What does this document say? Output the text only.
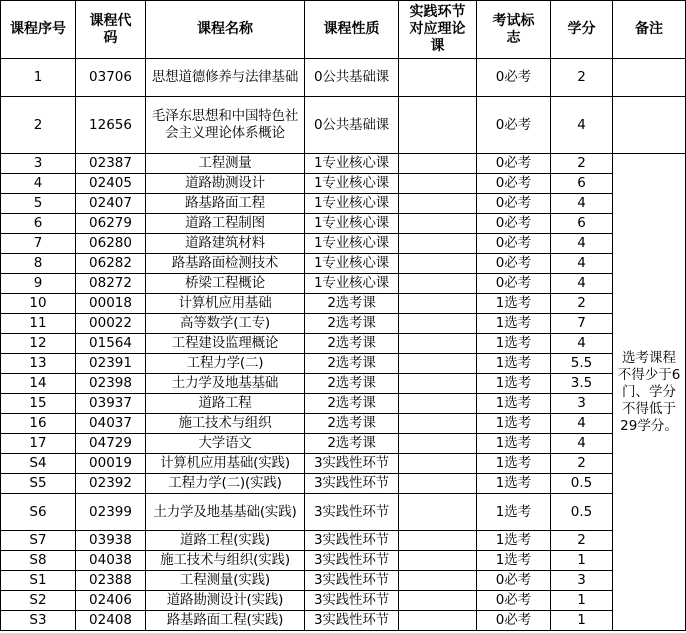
课程序号	课程代码	课程名称	课程性质	实践环节对应理论课	考试标志	学分	备注
1	03706	思想道德修养与法律基础	0公共基础课		0必考	2	
2	12656	毛泽东思想和中国特色社会主义理论体系概论	0公共基础课		0必考	4	
3	02387	工程测量	1专业核心课		0必考	2	选考课程不得少于6门、学分不得低于29学分。
4	02405	道路勘测设计	1专业核心课		0必考	6	
5	02407	路基路面工程	1专业核心课		0必考	4	
6	06279	道路工程制图	1专业核心课		0必考	6	
7	06280	道路建筑材料	1专业核心课		0必考	4	
8	06282	路基路面检测技术	1专业核心课		0必考	4	
9	08272	桥梁工程概论	1专业核心课		0必考	4	
10	00018	计算机应用基础	2选考课		1选考	2	
11	00022	高等数学(工专)	2选考课		1选考	7	
12	01564	工程建设监理概论	2选考课		1选考	4	
13	02391	工程力学(二)	2选考课		1选考	5.5	
14	02398	土力学及地基基础	2选考课		1选考	3.5	
15	03937	道路工程	2选考课		1选考	3	
16	04037	施工技术与组织	2选考课		1选考	4	
17	04729	大学语文	2选考课		1选考	4	
S4	00019	计算机应用基础(实践)	3实践性环节		1选考	2	
S5	02392	工程力学(二)(实践)	3实践性环节		1选考	0.5	
S6	02399	土力学及地基基础(实践)	3实践性环节		1选考	0.5	
S7	03938	道路工程(实践)	3实践性环节		1选考	2	
S8	04038	施工技术与组织(实践)	3实践性环节		1选考	1	
S1	02388	工程测量(实践)	3实践性环节		0必考	3	
S2	02406	道路勘测设计(实践)	3实践性环节		0必考	1	
S3	02408	路基路面工程(实践)	3实践性环节		0必考	1	
